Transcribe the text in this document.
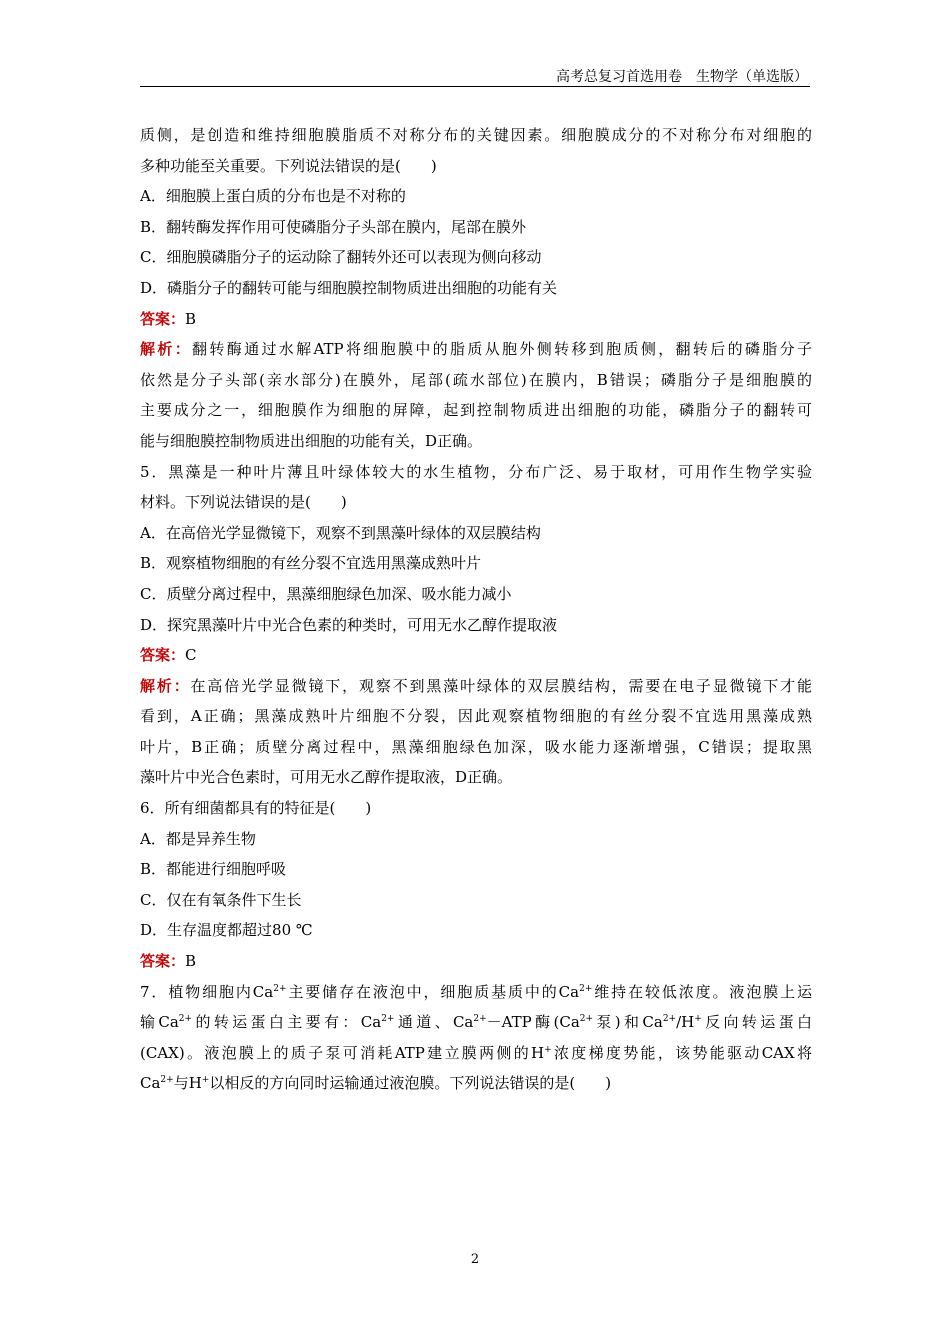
高考总复习首选用卷　生物学（单选版）
质侧，是创造和维持细胞膜脂质不对称分布的关键因素。细胞膜成分的不对称分布对细胞的
多种功能至关重要。下列说法错误的是(　　)
A．细胞膜上蛋白质的分布也是不对称的
B．翻转酶发挥作用可使磷脂分子头部在膜内，尾部在膜外
C．细胞膜磷脂分子的运动除了翻转外还可以表现为侧向移动
D．磷脂分子的翻转可能与细胞膜控制物质进出细胞的功能有关
答案：B
解析：翻转酶通过水解ATP将细胞膜中的脂质从胞外侧转移到胞质侧，翻转后的磷脂分子
依然是分子头部(亲水部分)在膜外，尾部(疏水部位)在膜内，B错误；磷脂分子是细胞膜的
主要成分之一，细胞膜作为细胞的屏障，起到控制物质进出细胞的功能，磷脂分子的翻转可
能与细胞膜控制物质进出细胞的功能有关，D正确。
5．黑藻是一种叶片薄且叶绿体较大的水生植物，分布广泛、易于取材，可用作生物学实验
材料。下列说法错误的是(　　)
A．在高倍光学显微镜下，观察不到黑藻叶绿体的双层膜结构
B．观察植物细胞的有丝分裂不宜选用黑藻成熟叶片
C．质壁分离过程中，黑藻细胞绿色加深、吸水能力减小
D．探究黑藻叶片中光合色素的种类时，可用无水乙醇作提取液
答案：C
解析：在高倍光学显微镜下，观察不到黑藻叶绿体的双层膜结构，需要在电子显微镜下才能
看到，A正确；黑藻成熟叶片细胞不分裂，因此观察植物细胞的有丝分裂不宜选用黑藻成熟
叶片，B正确；质壁分离过程中，黑藻细胞绿色加深，吸水能力逐渐增强，C错误；提取黑
藻叶片中光合色素时，可用无水乙醇作提取液，D正确。
6．所有细菌都具有的特征是(　　)
A．都是异养生物
B．都能进行细胞呼吸
C．仅在有氧条件下生长
D．生存温度都超过80 ℃
答案：B
7．植物细胞内$Ca^{2+}$主要储存在液泡中，细胞质基质中的$Ca^{2+}$维持在较低浓度。液泡膜上运
输$Ca^{2+}$的转运蛋白主要有：$Ca^{2+}$通道、$Ca^{2+}-ATP$酶($Ca^{2+}$泵)和$Ca^{2+}/H^+$反向转运蛋白
(CAX)。液泡膜上的质子泵可消耗ATP建立膜两侧的H+浓度梯度势能，该势能驱动CAX将
$Ca^{2+}$与H+以相反的方向同时运输通过液泡膜。下列说法错误的是(　　)
2
